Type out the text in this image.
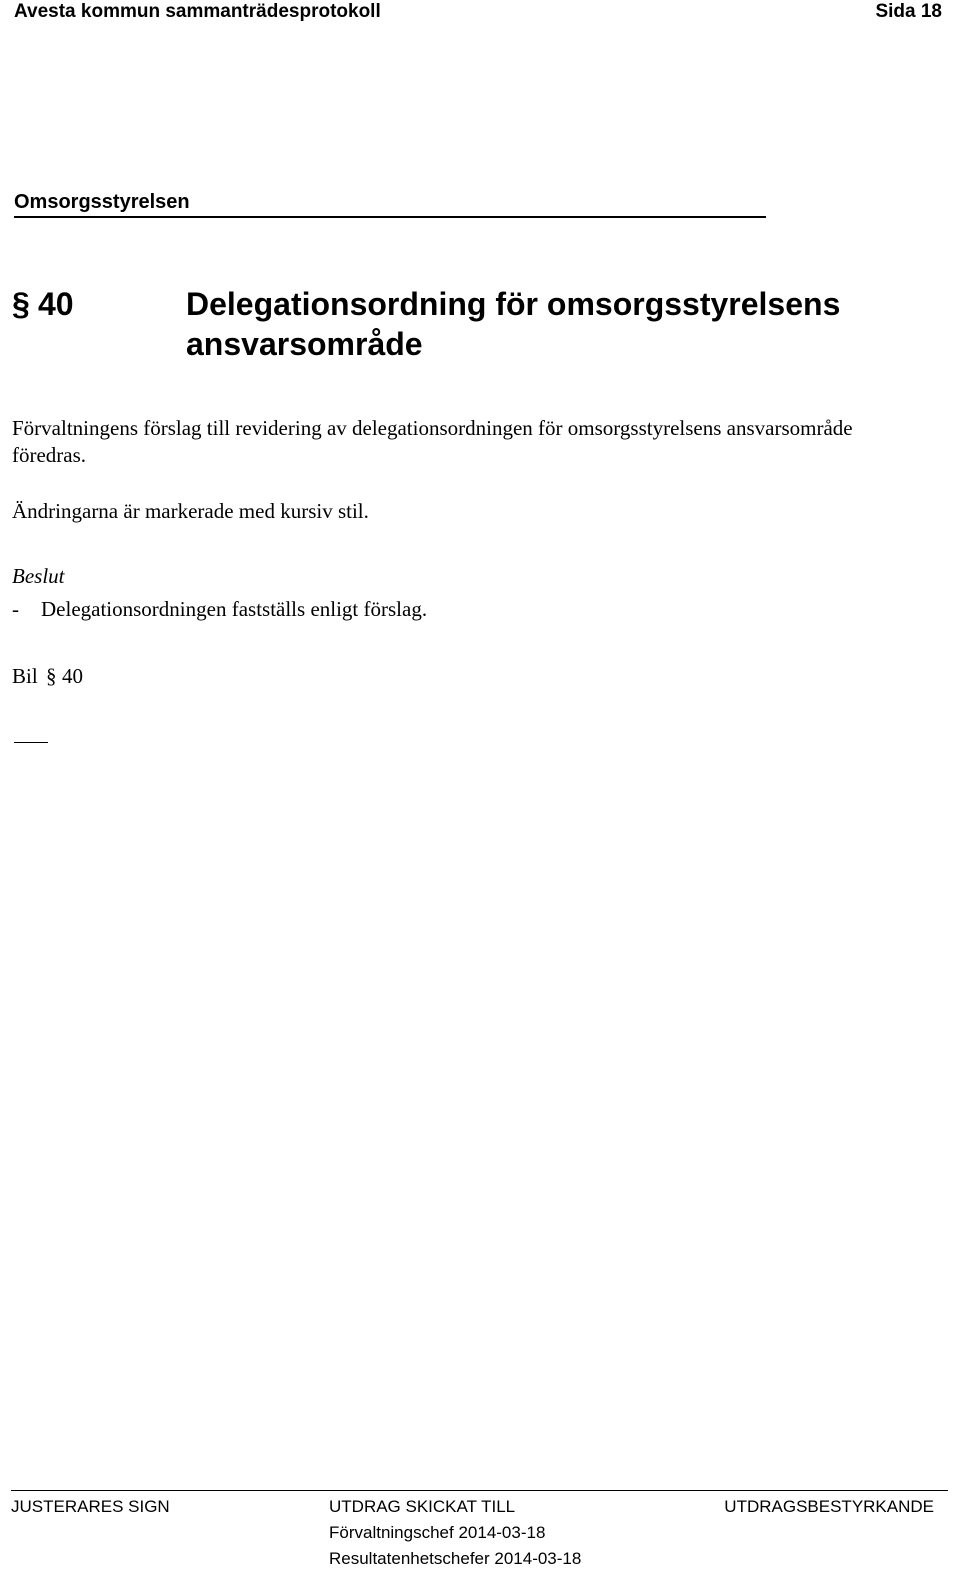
Avesta kommun sammanträdesprotokoll	Sida 18
Omsorgsstyrelsen
§ 40	Delegationsordning för omsorgsstyrelsens ansvarsområde
Förvaltningens förslag till revidering av delegationsordningen för omsorgsstyrelsens ansvarsområde föredras.
Ändringarna är markerade med kursiv stil.
Beslut
- Delegationsordningen fastställs enligt förslag.
Bil § 40
JUSTERARES SIGN	UTDRAG SKICKAT TILL
Förvaltningschef 2014-03-18
Resultatenhetschefer 2014-03-18
UTDRAGSBESTYRKANDE
